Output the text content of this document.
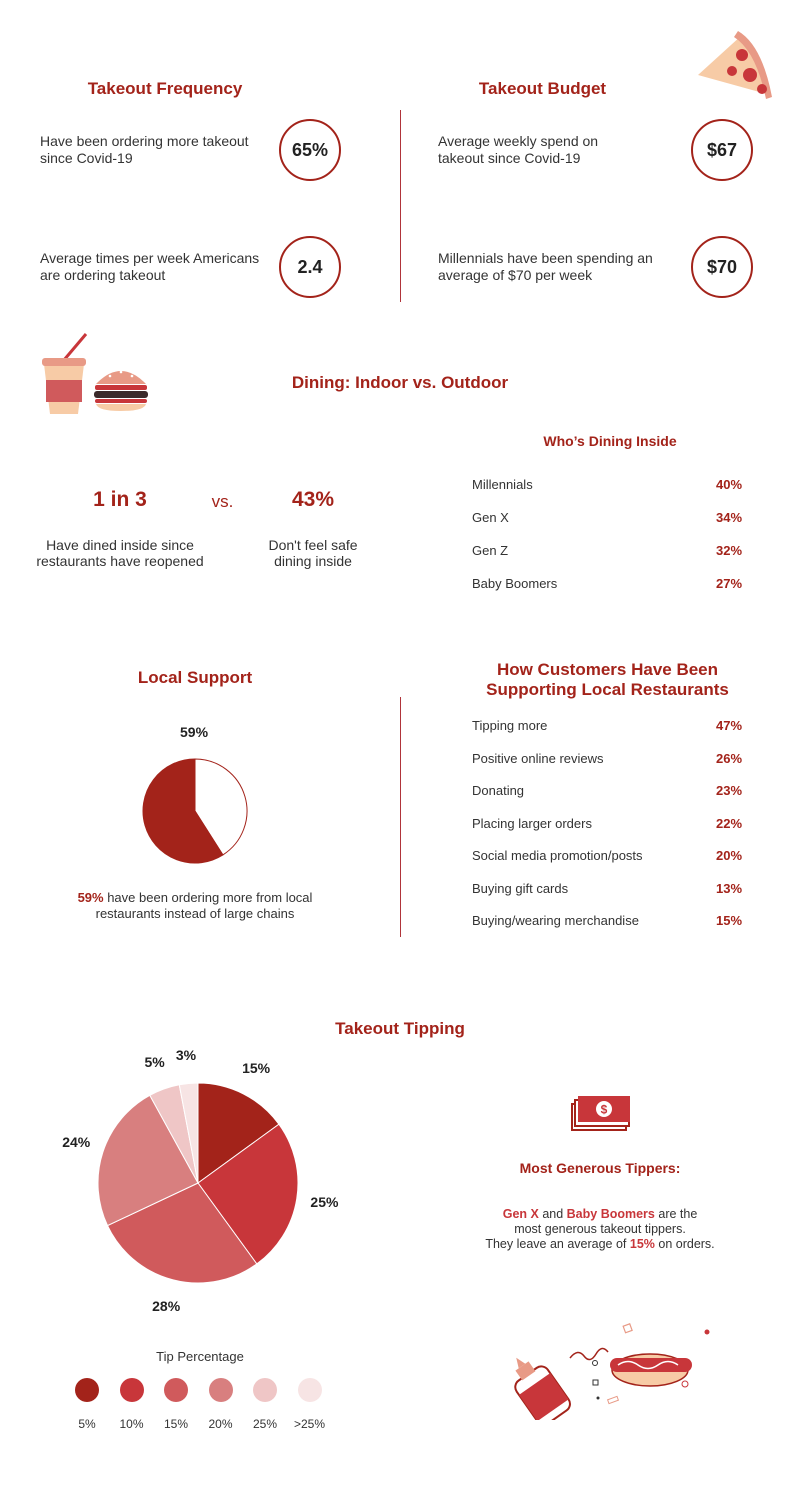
Takeout Frequency
Have been ordering more takeout since Covid-19	65%
Average times per week Americans are ordering takeout	2.4
Takeout Budget
Average weekly spend on takeout since Covid-19	$67
Millennials have been spending an average of $70 per week	$70
Dining: Indoor vs. Outdoor
1 in 3	vs.	43%
Have dined inside since restaurants have reopened
Don't feel safe dining inside
Who’s Dining Inside
Millennials	40%
Gen X	34%
Gen Z	32%
Baby Boomers	27%
Local Support
59%
59% have been ordering more from local restaurants instead of large chains
How Customers Have Been
Supporting Local Restaurants
Tipping more	47%
Positive online reviews	26%
Donating	23%
Placing larger orders	22%
Social media promotion/posts	20%
Buying gift cards	13%
Buying/wearing merchandise	15%
Takeout Tipping
15%
25%
28%
24%
5% 3%
Tip Percentage
5%	10%	15%	20%	25%	>25%
$
Most Generous Tippers:
Gen X and Baby Boomers are the
most generous takeout tippers.
They leave an average of 15% on orders.
